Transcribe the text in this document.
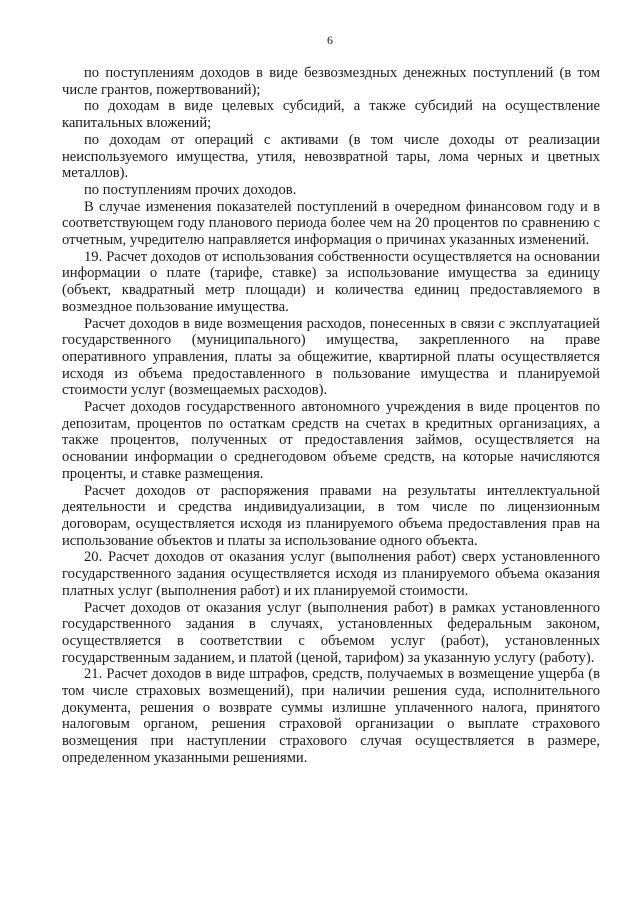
6

по поступлениям доходов в виде безвозмездных денежных поступлений (в том числе грантов, пожертвований);

по доходам в виде целевых субсидий, а также субсидий на осуществление капитальных вложений;

по доходам от операций с активами (в том числе доходы от реализации неиспользуемого имущества, утиля, невозвратной тары, лома черных и цветных металлов).

по поступлениям прочих доходов.

В случае изменения показателей поступлений в очередном финансовом году и в соответствующем году планового периода более чем на 20 процентов по сравнению с отчетным, учредителю направляется информация о причинах указанных изменений.

19. Расчет доходов от использования собственности осуществляется на основании информации о плате (тарифе, ставке) за использование имущества за единицу (объект, квадратный метр площади) и количества единиц предоставляемого в возмездное пользование имущества.

Расчет доходов в виде возмещения расходов, понесенных в связи с эксплуатацией государственного (муниципального) имущества, закрепленного на праве оперативного управления, платы за общежитие, квартирной платы осуществляется исходя из объема предоставленного в пользование имущества и планируемой стоимости услуг (возмещаемых расходов).

Расчет доходов государственного автономного учреждения в виде процентов по депозитам, процентов по остаткам средств на счетах в кредитных организациях, а также процентов, полученных от предоставления займов, осуществляется на основании информации о среднегодовом объеме средств, на которые начисляются проценты, и ставке размещения.

Расчет доходов от распоряжения правами на результаты интеллектуальной деятельности и средства индивидуализации, в том числе по лицензионным договорам, осуществляется исходя из планируемого объема предоставления прав на использование объектов и платы за использование одного объекта.

20. Расчет доходов от оказания услуг (выполнения работ) сверх установленного государственного задания осуществляется исходя из планируемого объема оказания платных услуг (выполнения работ) и их планируемой стоимости.

Расчет доходов от оказания услуг (выполнения работ) в рамках установленного государственного задания в случаях, установленных федеральным законом, осуществляется в соответствии с объемом услуг (работ), установленных государственным заданием, и платой (ценой, тарифом) за указанную услугу (работу).

21. Расчет доходов в виде штрафов, средств, получаемых в возмещение ущерба (в том числе страховых возмещений), при наличии решения суда, исполнительного документа, решения о возврате суммы излишне уплаченного налога, принятого налоговым органом, решения страховой организации о выплате страхового возмещения при наступлении страхового случая осуществляется в размере, определенном указанными решениями.
